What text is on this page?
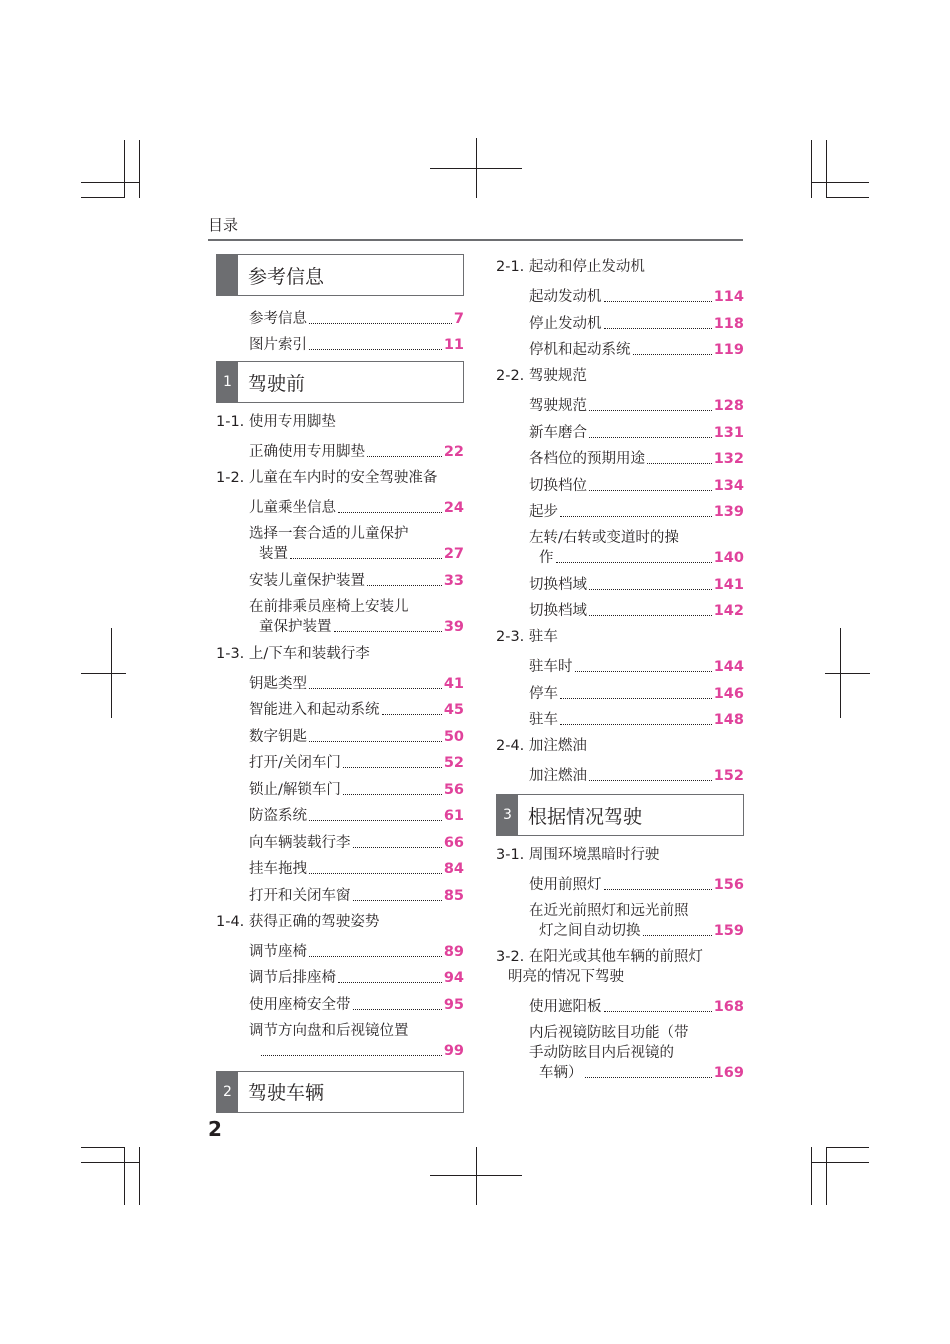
目录
参考信息
参考信息	7
图片索引	11
1 驾驶前
1-1. 使用专用脚垫
正确使用专用脚垫	22
1-2. 儿童在车内时的安全驾驶准备
儿童乘坐信息	24
选择一套合适的儿童保护
装置	27
安装儿童保护装置	33
在前排乘员座椅上安装儿
童保护装置	39
1-3. 上/下车和装载行李
钥匙类型	41
智能进入和起动系统	45
数字钥匙	50
打开/关闭车门	52
锁止/解锁车门	56
防盗系统	61
向车辆装载行李	66
挂车拖拽	84
打开和关闭车窗	85
1-4. 获得正确的驾驶姿势
调节座椅	89
调节后排座椅	94
使用座椅安全带	95
调节方向盘和后视镜位置
99
2 驾驶车辆
2-1. 起动和停止发动机
起动发动机	114
停止发动机	118
停机和起动系统	119
2-2. 驾驶规范
驾驶规范	128
新车磨合	131
各档位的预期用途	132
切换档位	134
起步	139
左转/右转或变道时的操
作	140
切换档域	141
切换档域	142
2-3. 驻车
驻车时	144
停车	146
驻车	148
2-4. 加注燃油
加注燃油	152
3 根据情况驾驶
3-1. 周围环境黑暗时行驶
使用前照灯	156
在近光前照灯和远光前照
灯之间自动切换	159
3-2. 在阳光或其他车辆的前照灯
明亮的情况下驾驶
使用遮阳板	168
内后视镜防眩目功能（带
手动防眩目内后视镜的
车辆）	169
2
